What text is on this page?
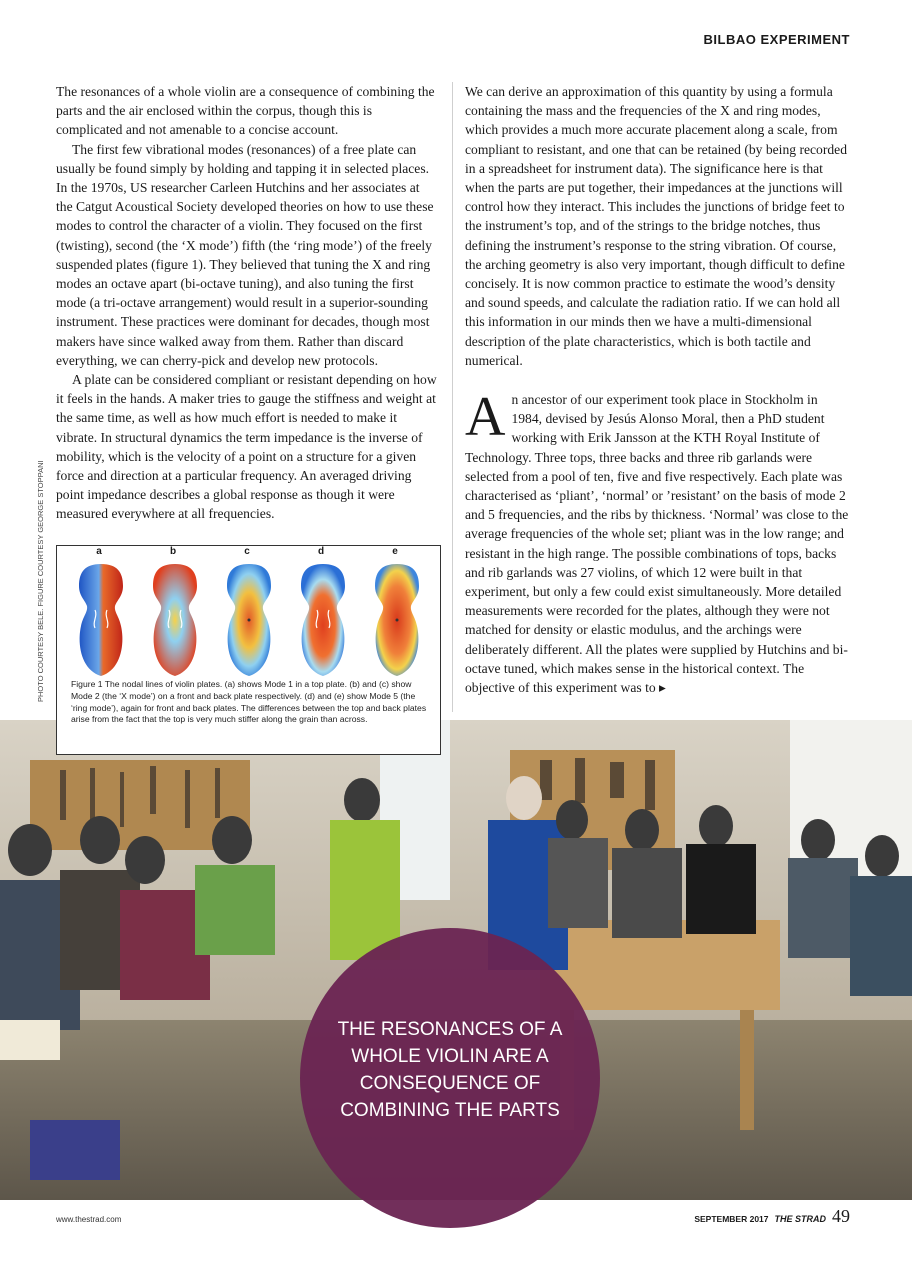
BILBAO EXPERIMENT
PHOTO COURTESY BELE. FIGURE COURTESY GEORGE STOPPANI

The resonances of a whole violin are a consequence of combining the parts and the air enclosed within the corpus, though this is complicated and not amenable to a concise account.

The first few vibrational modes (resonances) of a free plate can usually be found simply by holding and tapping it in selected places. In the 1970s, US researcher Carleen Hutchins and her associates at the Catgut Acoustical Society developed theories on how to use these modes to control the character of a violin. They focused on the first (twisting), second (the ‘X mode’) fifth (the ‘ring mode’) of the freely suspended plates (figure 1). They believed that tuning the X and ring modes an octave apart (bi-octave tuning), and also tuning the first mode (a tri-octave arrangement) would result in a superior-sounding instrument. These practices were dominant for decades, though most makers have since walked away from them. Rather than discard everything, we can cherry-pick and develop new protocols.

A plate can be considered compliant or resistant depending on how it feels in the hands. A maker tries to gauge the stiffness and weight at the same time, as well as how much effort is needed to make it vibrate. In structural dynamics the term impedance is the inverse of mobility, which is the velocity of a point on a structure for a given force and direction at a particular frequency. An averaged driving point impedance describes a global response as though it were measured everywhere at all frequencies.

We can derive an approximation of this quantity by using a formula containing the mass and the frequencies of the X and ring modes, which provides a much more accurate placement along a scale, from compliant to resistant, and one that can be retained (by being recorded in a spreadsheet for instrument data). The significance here is that when the parts are put together, their impedances at the junctions will control how they interact. This includes the junctions of bridge feet to the instrument’s top, and of the strings to the bridge notches, thus defining the instrument’s response to the string vibration. Of course, the arching geometry is also very important, though difficult to define concisely. It is now common practice to estimate the wood’s density and sound speeds, and calculate the radiation ratio. If we can hold all this information in our minds then we have a multi-dimensional description of the plate characteristics, which is both tactile and numerical.

An ancestor of our experiment took place in Stockholm in 1984, devised by Jesús Alonso Moral, then a PhD student working with Erik Jansson at the KTH Royal Institute of Technology. Three tops, three backs and three rib garlands were selected from a pool of ten, five and five respectively. Each plate was characterised as ‘pliant’, ‘normal’ or ’resistant’ on the basis of mode 2 and 5 frequencies, and the ribs by thickness. ‘Normal’ was close to the average frequencies of the whole set; pliant was in the low range; and resistant in the high range. The possible combinations of tops, backs and rib garlands was 27 violins, of which 12 were built in that experiment, but only a few could exist simultaneously. More detailed measurements were recorded for the plates, although they were not matched for density or elastic modulus, and the archings were deliberately different. All the plates were supplied by Hutchins and bi-octave tuned, which makes sense in the historical context. The objective of this experiment was to ▸

a	b	c	d	e
Figure 1 The nodal lines of violin plates. (a) shows Mode 1 in a top plate. (b) and (c) show Mode 2 (the ‘X mode’) on a front and back plate respectively. (d) and (e) show Mode 5 (the ‘ring mode’), again for front and back plates. The differences between the top and back plates arise from the fact that the top is very much stiffer along the grain than across.
THE RESONANCES OF A WHOLE VIOLIN ARE A CONSEQUENCE OF COMBINING THE PARTS
www.thestrad.com	SEPTEMBER 2017 THE STRAD 49
